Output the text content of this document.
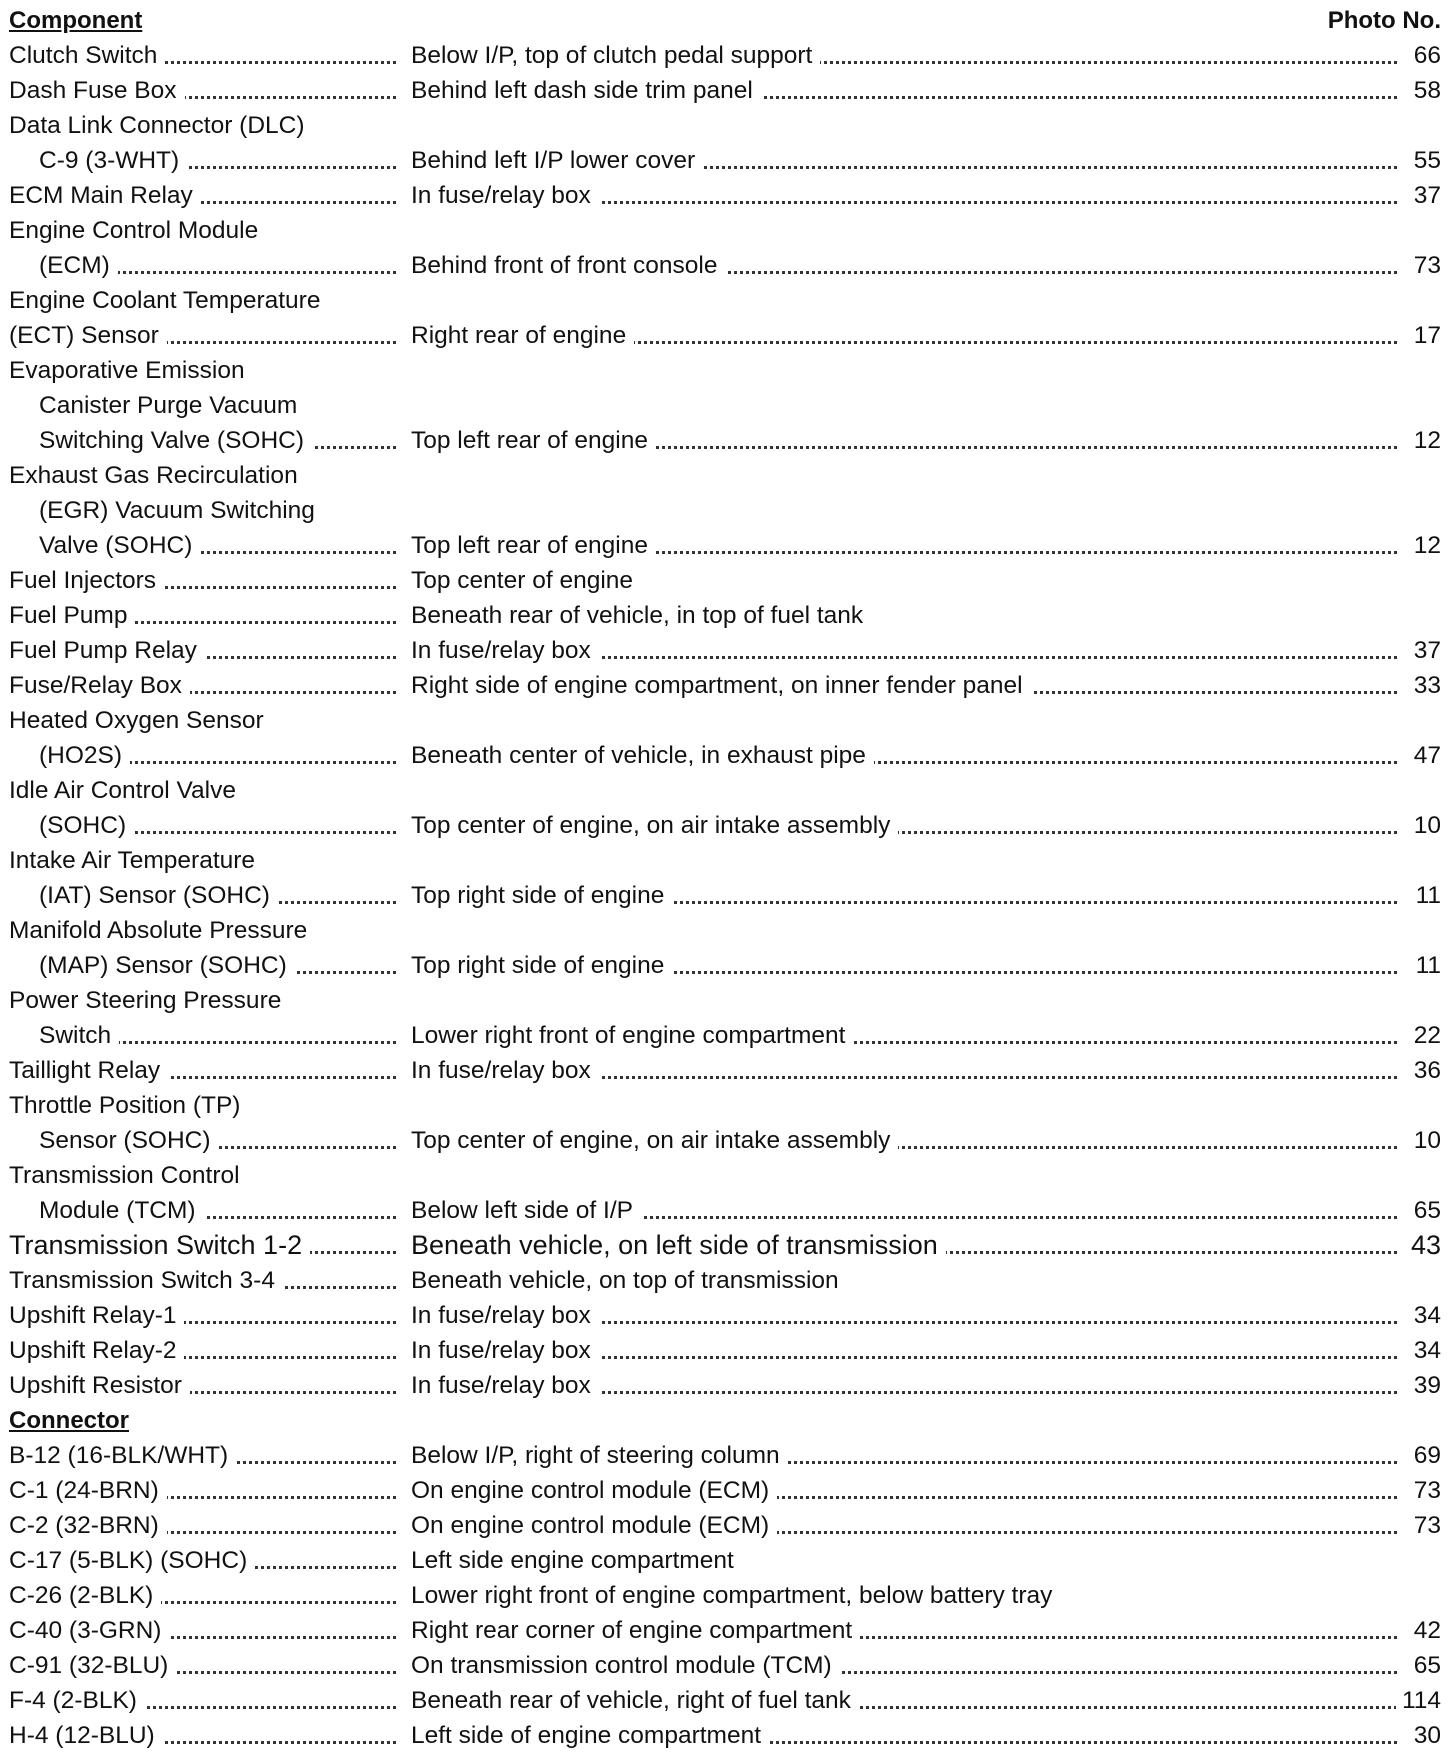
Component	Photo No.
Clutch Switch	Below I/P, top of clutch pedal support	66
Dash Fuse Box	Behind left dash side trim panel	58
Data Link Connector (DLC)
C-9 (3-WHT)	Behind left I/P lower cover	55
ECM Main Relay	In fuse/relay box	37
Engine Control Module
(ECM)	Behind front of front console	73
Engine Coolant Temperature
(ECT) Sensor	Right rear of engine	17
Evaporative Emission
Canister Purge Vacuum
Switching Valve (SOHC)	Top left rear of engine	12
Exhaust Gas Recirculation
(EGR) Vacuum Switching
Valve (SOHC)	Top left rear of engine	12
Fuel Injectors	Top center of engine
Fuel Pump	Beneath rear of vehicle, in top of fuel tank
Fuel Pump Relay	In fuse/relay box	37
Fuse/Relay Box	Right side of engine compartment, on inner fender panel	33
Heated Oxygen Sensor
(HO2S)	Beneath center of vehicle, in exhaust pipe	47
Idle Air Control Valve
(SOHC)	Top center of engine, on air intake assembly	10
Intake Air Temperature
(IAT) Sensor (SOHC)	Top right side of engine	11
Manifold Absolute Pressure
(MAP) Sensor (SOHC)	Top right side of engine	11
Power Steering Pressure
Switch	Lower right front of engine compartment	22
Taillight Relay	In fuse/relay box	36
Throttle Position (TP)
Sensor (SOHC)	Top center of engine, on air intake assembly	10
Transmission Control
Module (TCM)	Below left side of I/P	65
Transmission Switch 1-2	Beneath vehicle, on left side of transmission	43
Transmission Switch 3-4	Beneath vehicle, on top of transmission
Upshift Relay-1	In fuse/relay box	34
Upshift Relay-2	In fuse/relay box	34
Upshift Resistor	In fuse/relay box	39
Connector
B-12 (16-BLK/WHT)	Below I/P, right of steering column	69
C-1 (24-BRN)	On engine control module (ECM)	73
C-2 (32-BRN)	On engine control module (ECM)	73
C-17 (5-BLK) (SOHC)	Left side engine compartment
C-26 (2-BLK)	Lower right front of engine compartment, below battery tray
C-40 (3-GRN)	Right rear corner of engine compartment	42
C-91 (32-BLU)	On transmission control module (TCM)	65
F-4 (2-BLK)	Beneath rear of vehicle, right of fuel tank	114
H-4 (12-BLU)	Left side of engine compartment	30
